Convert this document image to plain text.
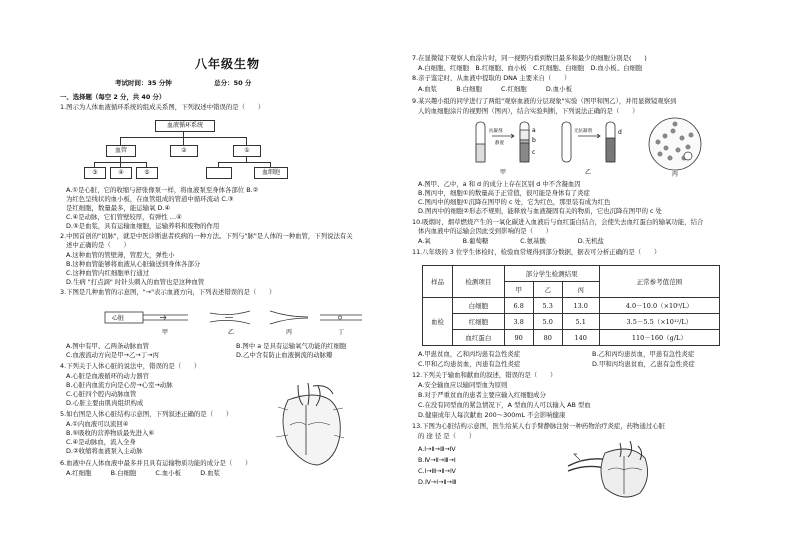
八年级生物
考试时间：35 分钟	总分：50 分
一、选择题（每空 2 分，共 40 分）
1.图示为人体血液循环系统的组成关系图，下列叙述中错误的是（　　）
血液循环系统
血管	②	①
③	④	⑤	血细胞
A.①是心脏，它的收缩与舒张像泵一样，将血液泵至身体各部位 B.②
为红色呈线状的血小板，在血管组成的管道中循环流动 C.③
是红细胞，数量最多，能运输氧 D.④
C.④是动脉，它们管壁较厚，有弹性 …④
D.⑤是血浆，具有运输血细胞，运输养料和废物的作用
2.中国首创的"切脉"，就是中医诊断患者疾病的一种方法。下列与"脉"是人体的一种血管，下列说法有关
述中正确的是（　　）
A.这种血管的管壁薄，管腔大，弹性小
B.这种血管能够将血液从心脏输送到身体各部分
C.这种血管内红细胞单行通过
D.生病 "打点滴" 时针头刺入的血管也是这种血管
3.下图是几种血管的示意图，"→"表示血液方向，下列表述错误的是（　　）
心脏
甲	乙	丙	丁
A.图中有甲、乙两条动脉血管	B.图中 a 是具有运输氧气功能的红细胞
C.血液流动方向是甲→乙→丁→丙	D.乙中含有防止血液倒流的动脉瓣
4.下列关于人体心脏的说法中，错误的是（　　）
A.心脏是血液循环的动力器官
B.心脏内血流方向是心房→心室→动脉
C.心脏四个腔内动脉血管
D.心脏主要由肌肉组织构成
5.如右图是人体心脏结构示意图，下列叙述正确的是（　　）
A.①内血液可以流回④
B.⑤吸收的营养物质最先进入⑥
C.④是动脉血，流入全身
D.②收缩将血液泵入主动脉
6.血液中在人体血液中最多并且具有运输物质功能的成分是（　　）
A.红细胞　　　B.白细胞　　　C.血小板　　　D.血浆
7.在显微镜下观察人血涂片时，同一视野内看到数目最多和最少的细胞分别是(　　)
A.白细胞、红细胞　B.红细胞、血小板　C.红细胞、白细胞　D.血小板、白细胞
8.亲子鉴定时，从血液中提取的 DNA 主要来自（　　）
A.血浆　　　B.白细胞　　　C.红细胞　　　D.血小板
9.某兴趣小组的同学进行了两组"观察血液的分层现象"实验（图甲和图乙），并用显微镜观察到
人的血细胞涂片的视野图（图丙），结合实验判断，下列说法正确的是（　　）
a
b
c
d
甲	乙	丙
抗凝剂
静置
无抗凝剂
A.图甲、乙中，a 和 d 的成分上存在区别 d 中不含凝血因
B.图丙中，细胞①的数量高于正常值，很可能是身体有了炎症
C.图丙中的细胞①沉降在图甲的 c 处，它为红色，那里装有成为红色
D.图丙中的细胞②形态不规则，能释放与血液凝固有关的物质，它也沉降在图甲的 c 处
10.吸烟时，烟草燃烧产生的一氧化碳进入血液后与血红蛋白结合，会使失去血红蛋白的输氧功能，结合
体内血液中的运输会因此受到影响的是（　　）
A.氧　　　　　B.葡萄糖　　　　　C.氨基酸　　　　　D.无机盐
11.八年级的 3 位学生体检时，检验血常规得到部分数据，据表可分析正确的是（　　）
样品	检测项目	部分学生检测结果			正常参考值范围
		甲	乙	丙	
血检	白细胞	6.8	5.3	13.0	4.0－10.0（×10⁹/L）
	红细胞	3.8	5.0	5.1	3.5－5.5（×10¹²/L）
	血红蛋白	90	80	140	110－160（g/L）
A.甲患贫血，乙和丙均患有急性炎症	B.乙和丙均患贫血，甲患有急性炎症
C.甲和乙均患贫血，丙患有急性炎症	D.甲和丙均患贫血，乙患有急性炎症
12.下列关于输血和献血的叙述，错误的是（　　）
A.安全输血应以输同型血为原则
B.对于严重贫血的患者主要应输入红细胞成分
C.在没有同型血的紧急情况下，A 型血的人可以输入 AB 型血
D.健康成年人每次献血 200～300mL 不会影响健康
13.下图为心脏结构示意图，医生给某人右手臂静脉注射一种药物治疗炎症，药物通过心脏
的 途 径 是（　　）
A.Ⅰ→Ⅱ→Ⅲ→Ⅳ
B.Ⅳ→Ⅱ→Ⅲ→Ⅰ
C.Ⅰ→Ⅲ→Ⅱ→Ⅳ
D.Ⅳ→Ⅰ→Ⅱ→Ⅲ
